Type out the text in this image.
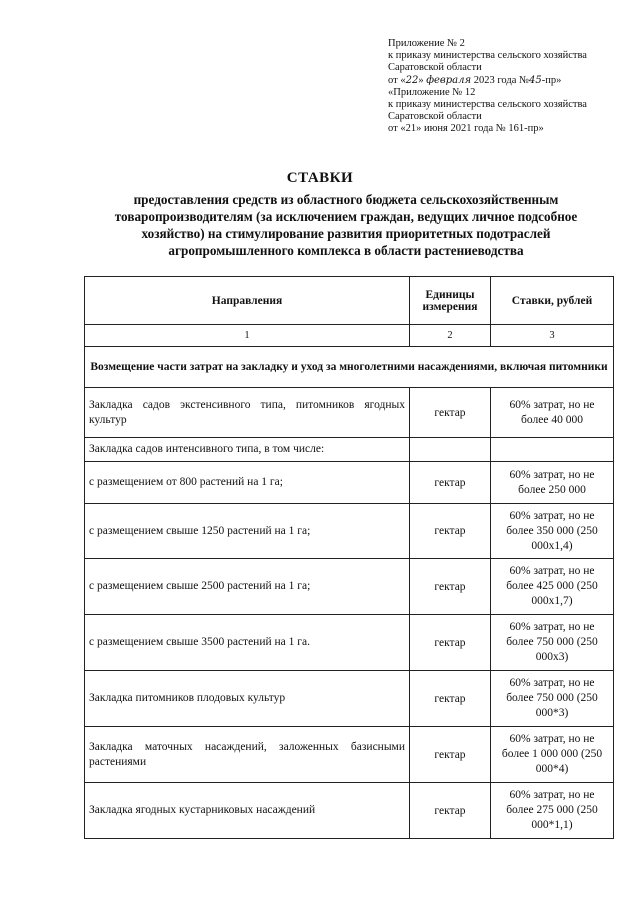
Приложение № 2
к приказу министерства сельского хозяйства
Саратовской области
от «22» февраля 2023 года №45-пр»
«Приложение № 12
к приказу министерства сельского хозяйства
Саратовской области
от «21» июня 2021 года № 161-пр»
СТАВКИ
предоставления средств из областного бюджета сельскохозяйственным товаропроизводителям (за исключением граждан, ведущих личное подсобное хозяйство) на стимулирование развития приоритетных подотраслей агропромышленного комплекса в области растениеводства
Направления	Единицы измерения	Ставки, рублей
1	2	3
Возмещение части затрат на закладку и уход за многолетними насаждениями, включая питомники		
Закладка садов экстенсивного типа, питомников ягодных культур	гектар	60% затрат, но не более 40 000
Закладка садов интенсивного типа, в том числе:		
с размещением от 800 растений на 1 га;	гектар	60% затрат, но не более 250 000
с размещением свыше 1250 растений на 1 га;	гектар	60% затрат, но не более 350 000 (250 000x1,4)
с размещением свыше 2500 растений на 1 га;	гектар	60% затрат, но не более 425 000 (250 000x1,7)
с размещением свыше 3500 растений на 1 га.	гектар	60% затрат, но не более 750 000 (250 000x3)
Закладка питомников плодовых культур	гектар	60% затрат, но не более 750 000 (250 000*3)
Закладка маточных насаждений, заложенных базисными растениями	гектар	60% затрат, но не более 1 000 000 (250 000*4)
Закладка ягодных кустарниковых насаждений	гектар	60% затрат, но не более 275 000 (250 000*1,1)
